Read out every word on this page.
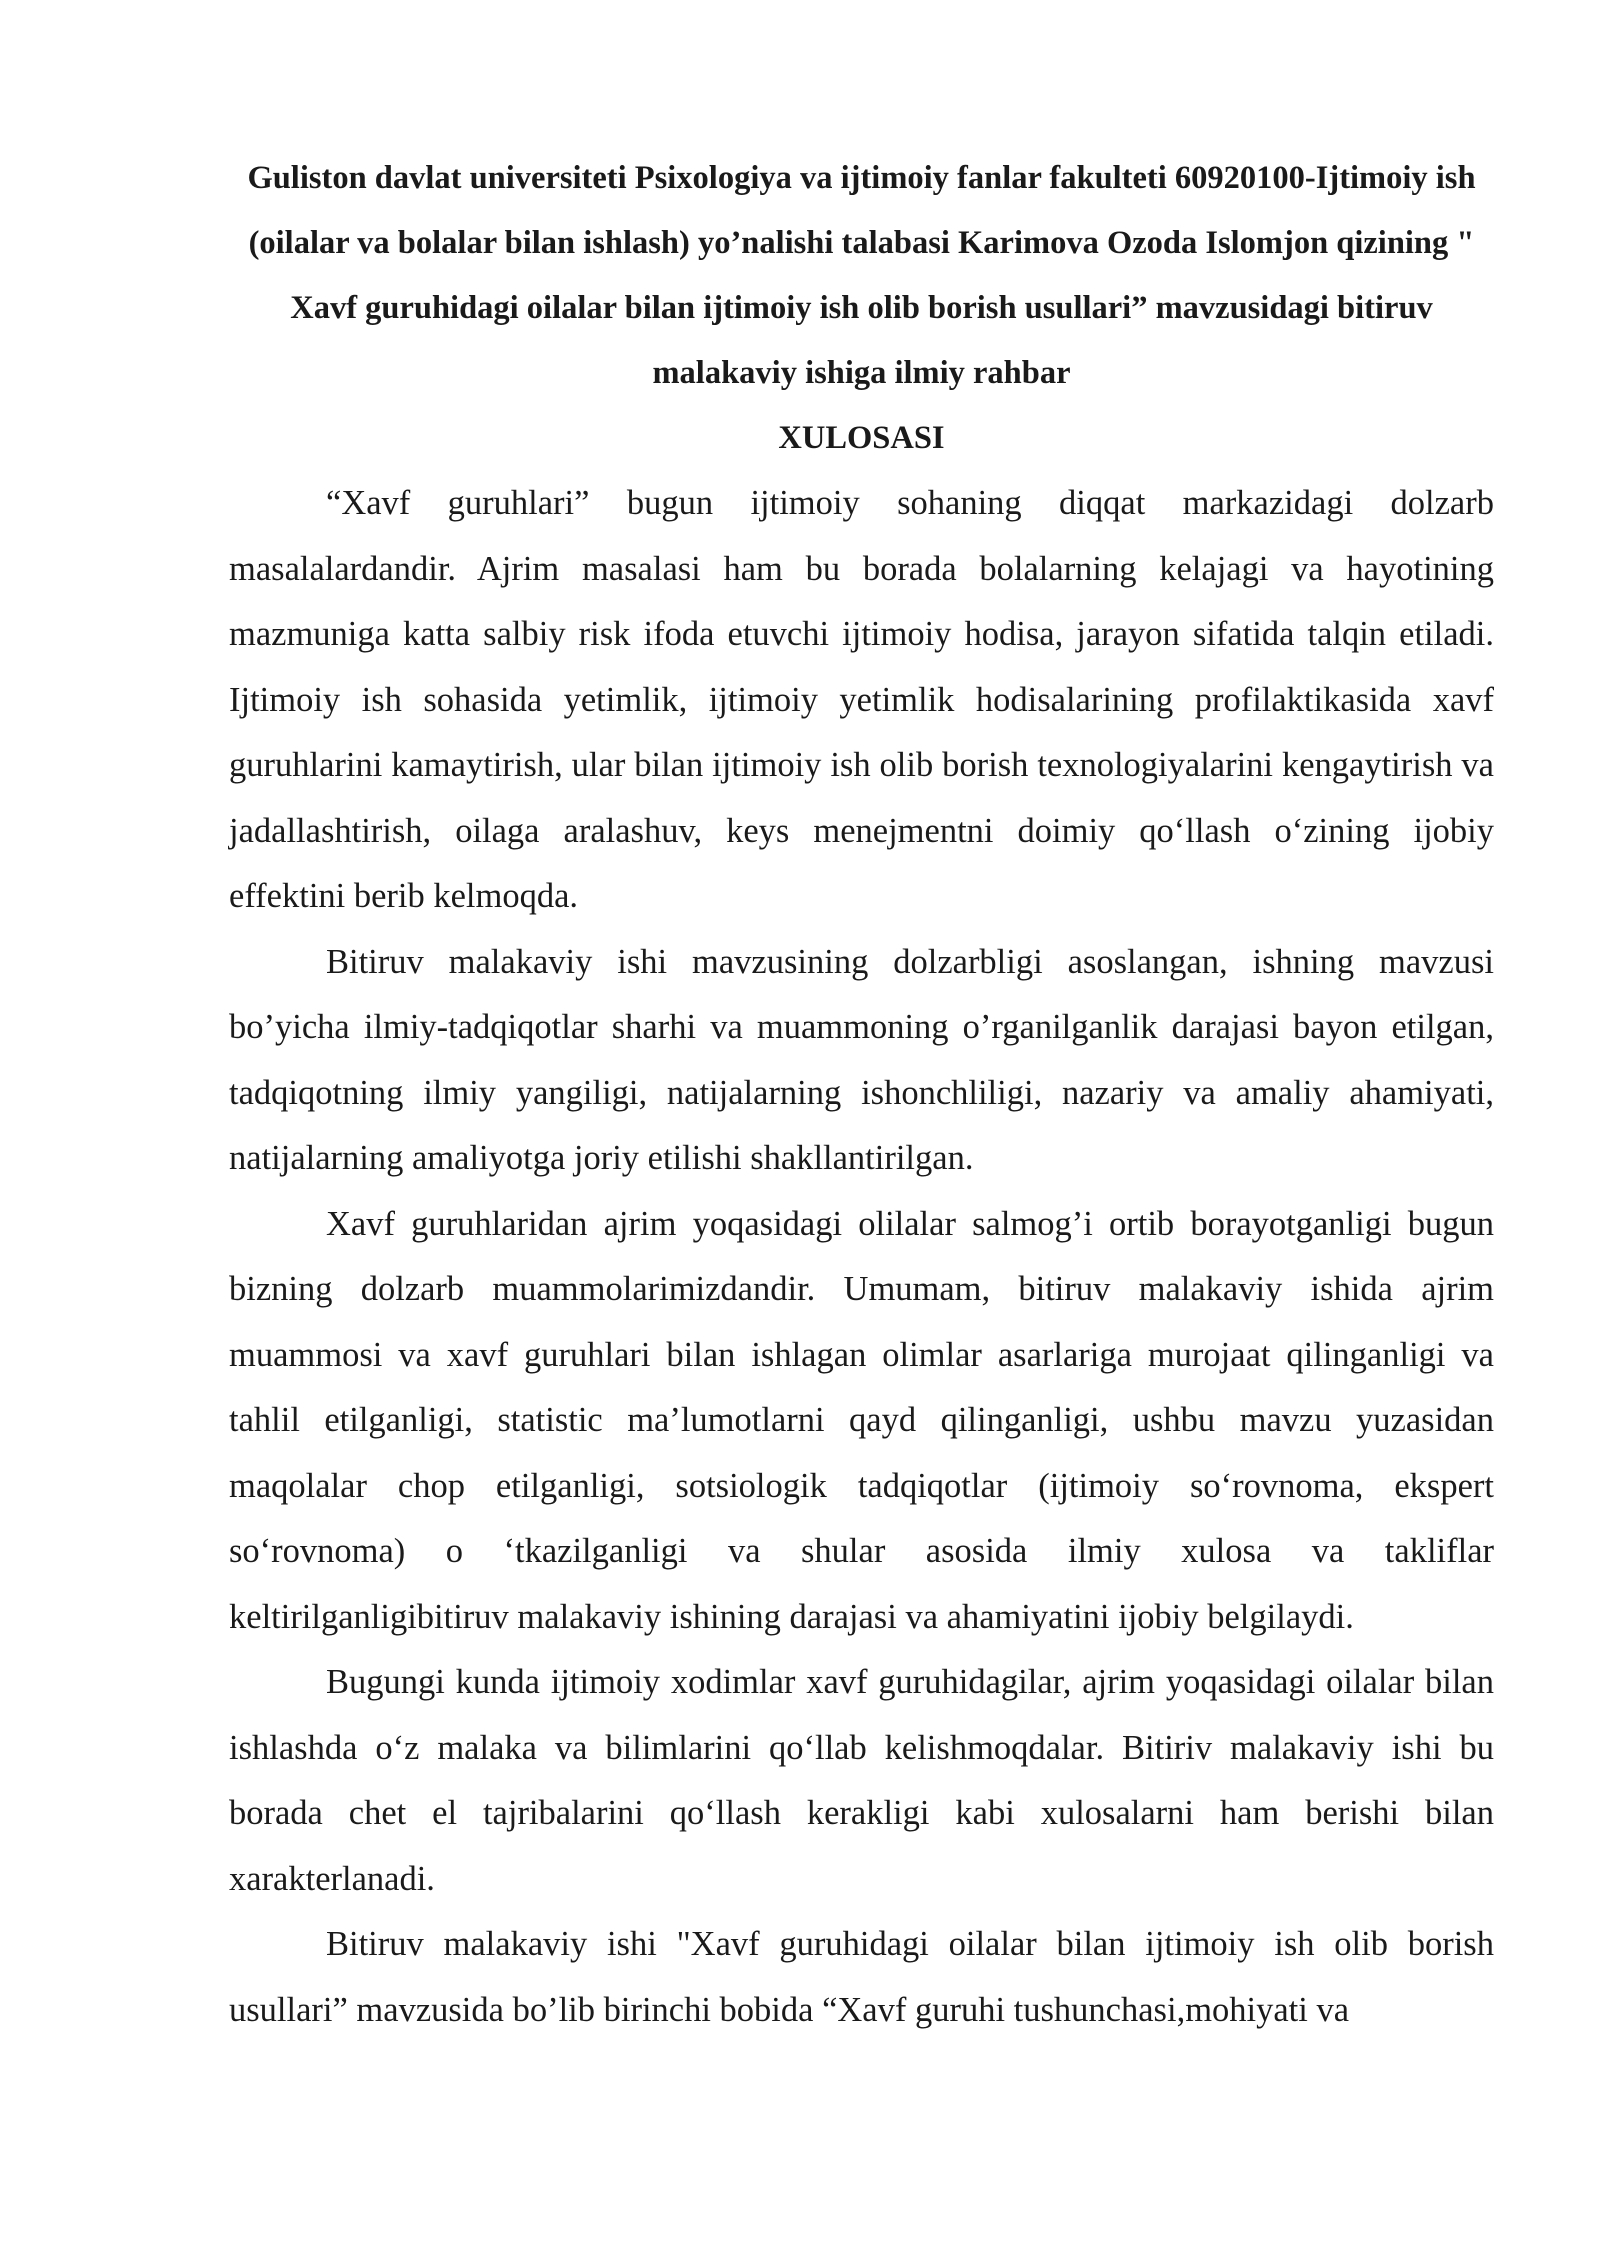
Guliston davlat universiteti Psixologiya va ijtimoiy fanlar fakulteti 60920100-Ijtimoiy ish (oilalar va bolalar bilan ishlash) yo’nalishi talabasi Karimova Ozoda Islomjon qizining " Xavf guruhidagi oilalar bilan ijtimoiy ish olib borish usullari” mavzusidagi bitiruv malakaviy ishiga ilmiy rahbar

XULOSASI

“Xavf guruhlari” bugun ijtimoiy sohaning diqqat markazidagi dolzarb masalalardandir. Ajrim masalasi ham bu borada bolalarning kelajagi va hayotining mazmuniga katta salbiy risk ifoda etuvchi ijtimoiy hodisa, jarayon sifatida talqin etiladi. Ijtimoiy ish sohasida yetimlik, ijtimoiy yetimlik hodisalarining profilaktikasida xavf guruhlarini kamaytirish, ular bilan ijtimoiy ish olib borish texnologiyalarini kengaytirish va jadallashtirish, oilaga aralashuv, keys menejmentni doimiy qo‘llash o‘zining ijobiy effektini berib kelmoqda.

Bitiruv malakaviy ishi mavzusining dolzarbligi asoslangan, ishning mavzusi bo’yicha ilmiy-tadqiqotlar sharhi va muammoning o’rganilganlik darajasi bayon etilgan, tadqiqotning ilmiy yangiligi, natijalarning ishonchliligi, nazariy va amaliy ahamiyati, natijalarning amaliyotga joriy etilishi shakllantirilgan.

Xavf guruhlaridan ajrim yoqasidagi olilalar salmog’i ortib borayotganligi bugun bizning dolzarb muammolarimizdandir. Umumam, bitiruv malakaviy ishida ajrim muammosi va xavf guruhlari bilan ishlagan olimlar asarlariga murojaat qilinganligi va tahlil etilganligi, statistic ma’lumotlarni qayd qilinganligi, ushbu mavzu yuzasidan maqolalar chop etilganligi, sotsiologik tadqiqotlar (ijtimoiy so‘rovnoma, ekspert so‘rovnoma) o ‘tkazilganligi va shular asosida ilmiy xulosa va takliflar keltirilganligibitiruv malakaviy ishining darajasi va ahamiyatini ijobiy belgilaydi.

Bugungi kunda ijtimoiy xodimlar xavf guruhidagilar, ajrim yoqasidagi oilalar bilan ishlashda o‘z malaka va bilimlarini qo‘llab kelishmoqdalar. Bitiriv malakaviy ishi bu borada chet el tajribalarini qo‘llash kerakligi kabi xulosalarni ham berishi bilan xarakterlanadi.

Bitiruv malakaviy ishi "Xavf guruhidagi oilalar bilan ijtimoiy ish olib borish usullari” mavzusida bo’lib birinchi bobida “Xavf guruhi tushunchasi,mohiyati va
